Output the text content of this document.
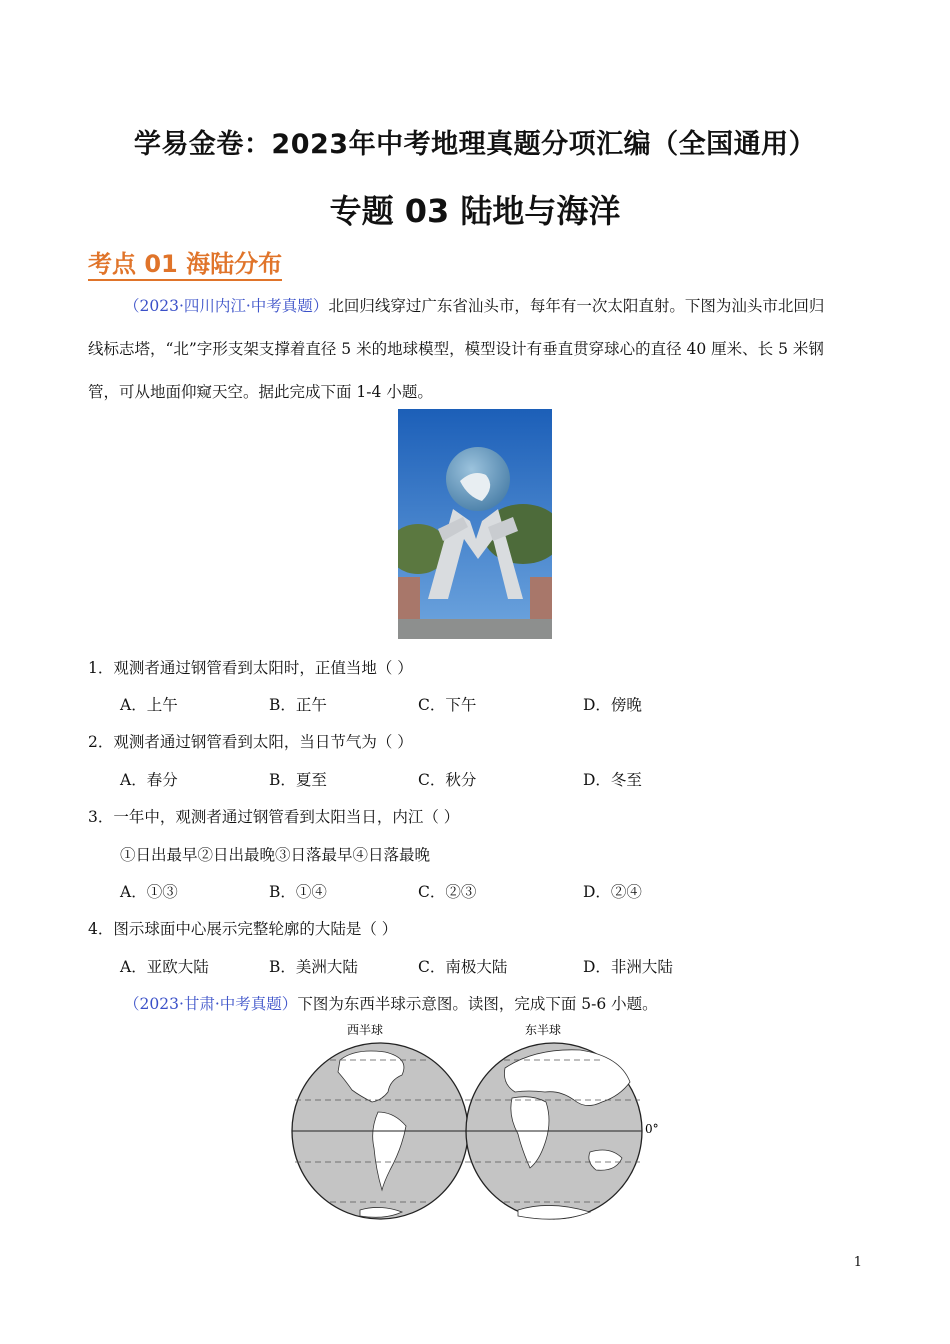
学易金卷：2023年中考地理真题分项汇编（全国通用）
专题 03 陆地与海洋
考点 01 海陆分布

（2023·四川内江·中考真题）北回归线穿过广东省汕头市，每年有一次太阳直射。下图为汕头市北回归

线标志塔，“北”字形支架支撑着直径 5 米的地球模型，模型设计有垂直贯穿球心的直径 40 厘米、长 5 米钢

管，可从地面仰窥天空。据此完成下面 1-4 小题。

1．观测者通过钢管看到太阳时，正值当地（ ）
A．上午	B．正午	C．下午	D．傍晚
2．观测者通过钢管看到太阳，当日节气为（ ）
A．春分	B．夏至	C．秋分	D．冬至
3．一年中，观测者通过钢管看到太阳当日，内江（ ）
①日出最早②日出最晚③日落最早④日落最晚
A．①③	B．①④	C．②③	D．②④
4．图示球面中心展示完整轮廓的大陆是（ ）
A．亚欧大陆	B．美洲大陆	C．南极大陆	D．非洲大陆
（2023·甘肃·中考真题）下图为东西半球示意图。读图，完成下面 5-6 小题。
西半球	东半球
0°
1
